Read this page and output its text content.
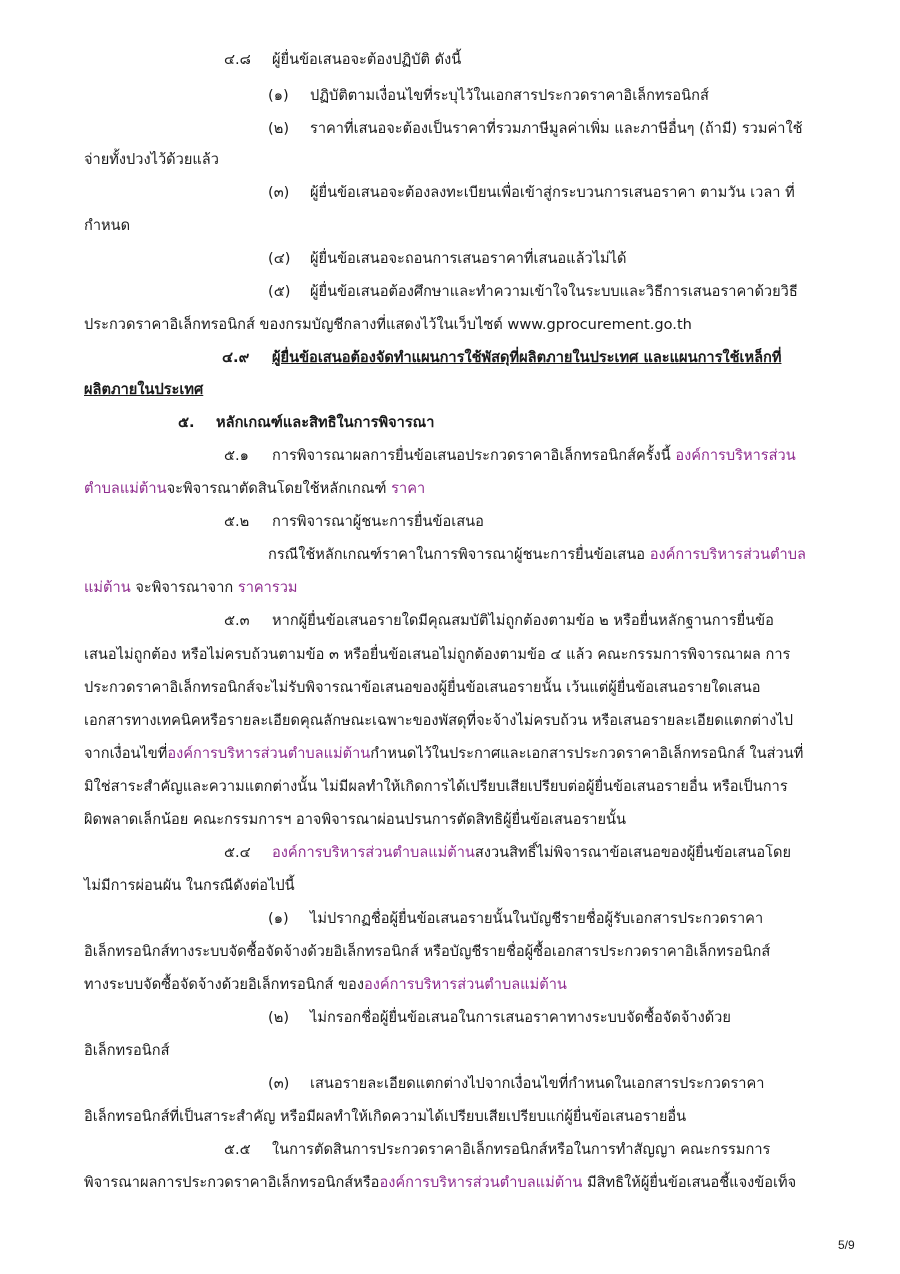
๔.๘ ผู้ยื่นข้อเสนอจะต้องปฏิบัติ ดังนี้
(๑) ปฏิบัติตามเงื่อนไขที่ระบุไว้ในเอกสารประกวดราคาอิเล็กทรอนิกส์
(๒) ราคาที่เสนอจะต้องเป็นราคาที่รวมภาษีมูลค่าเพิ่ม และภาษีอื่นๆ (ถ้ามี) รวมค่าใช้
จ่ายทั้งปวงไว้ด้วยแล้ว
(๓) ผู้ยื่นข้อเสนอจะต้องลงทะเบียนเพื่อเข้าสู่กระบวนการเสนอราคา ตามวัน เวลา ที่
กำหนด
(๔) ผู้ยื่นข้อเสนอจะถอนการเสนอราคาที่เสนอแล้วไม่ได้
(๕) ผู้ยื่นข้อเสนอต้องศึกษาและทำความเข้าใจในระบบและวิธีการเสนอราคาด้วยวิธี
ประกวดราคาอิเล็กทรอนิกส์ ของกรมบัญชีกลางที่แสดงไว้ในเว็บไซต์ www.gprocurement.go.th
๔.๙ ผู้ยื่นข้อเสนอต้องจัดทำแผนการใช้พัสดุที่ผลิตภายในประเทศ และแผนการใช้เหล็กที่
ผลิตภายในประเทศ
๕. หลักเกณฑ์และสิทธิในการพิจารณา
๕.๑ การพิจารณาผลการยื่นข้อเสนอประกวดราคาอิเล็กทรอนิกส์ครั้งนี้ องค์การบริหารส่วน
ตำบลแม่ต้านจะพิจารณาตัดสินโดยใช้หลักเกณฑ์ ราคา
๕.๒ การพิจารณาผู้ชนะการยื่นข้อเสนอ
กรณีใช้หลักเกณฑ์ราคาในการพิจารณาผู้ชนะการยื่นข้อเสนอ องค์การบริหารส่วนตำบล
แม่ต้าน จะพิจารณาจาก ราคารวม
๕.๓ หากผู้ยื่นข้อเสนอรายใดมีคุณสมบัติไม่ถูกต้องตามข้อ ๒ หรือยื่นหลักฐานการยื่นข้อ
เสนอไม่ถูกต้อง หรือไม่ครบถ้วนตามข้อ ๓ หรือยื่นข้อเสนอไม่ถูกต้องตามข้อ ๔ แล้ว คณะกรรมการพิจารณาผล การ
ประกวดราคาอิเล็กทรอนิกส์จะไม่รับพิจารณาข้อเสนอของผู้ยื่นข้อเสนอรายนั้น เว้นแต่ผู้ยื่นข้อเสนอรายใดเสนอ
เอกสารทางเทคนิคหรือรายละเอียดคุณลักษณะเฉพาะของพัสดุที่จะจ้างไม่ครบถ้วน หรือเสนอรายละเอียดแตกต่างไป
จากเงื่อนไขที่องค์การบริหารส่วนตำบลแม่ต้านกำหนดไว้ในประกาศและเอกสารประกวดราคาอิเล็กทรอนิกส์ ในส่วนที่
มิใช่สาระสำคัญและความแตกต่างนั้น ไม่มีผลทำให้เกิดการได้เปรียบเสียเปรียบต่อผู้ยื่นข้อเสนอรายอื่น หรือเป็นการ
ผิดพลาดเล็กน้อย คณะกรรมการฯ อาจพิจารณาผ่อนปรนการตัดสิทธิผู้ยื่นข้อเสนอรายนั้น
๕.๔ องค์การบริหารส่วนตำบลแม่ต้านสงวนสิทธิ์ไม่พิจารณาข้อเสนอของผู้ยื่นข้อเสนอโดย
ไม่มีการผ่อนผัน ในกรณีดังต่อไปนี้
(๑) ไม่ปรากฏชื่อผู้ยื่นข้อเสนอรายนั้นในบัญชีรายชื่อผู้รับเอกสารประกวดราคา
อิเล็กทรอนิกส์ทางระบบจัดซื้อจัดจ้างด้วยอิเล็กทรอนิกส์ หรือบัญชีรายชื่อผู้ซื้อเอกสารประกวดราคาอิเล็กทรอนิกส์
ทางระบบจัดซื้อจัดจ้างด้วยอิเล็กทรอนิกส์ ขององค์การบริหารส่วนตำบลแม่ต้าน
(๒) ไม่กรอกชื่อผู้ยื่นข้อเสนอในการเสนอราคาทางระบบจัดซื้อจัดจ้างด้วย
อิเล็กทรอนิกส์
(๓) เสนอรายละเอียดแตกต่างไปจากเงื่อนไขที่กำหนดในเอกสารประกวดราคา
อิเล็กทรอนิกส์ที่เป็นสาระสำคัญ หรือมีผลทำให้เกิดความได้เปรียบเสียเปรียบแก่ผู้ยื่นข้อเสนอรายอื่น
๕.๕ ในการตัดสินการประกวดราคาอิเล็กทรอนิกส์หรือในการทำสัญญา คณะกรรมการ
พิจารณาผลการประกวดราคาอิเล็กทรอนิกส์หรือองค์การบริหารส่วนตำบลแม่ต้าน มีสิทธิให้ผู้ยื่นข้อเสนอชี้แจงข้อเท็จ
5/9
